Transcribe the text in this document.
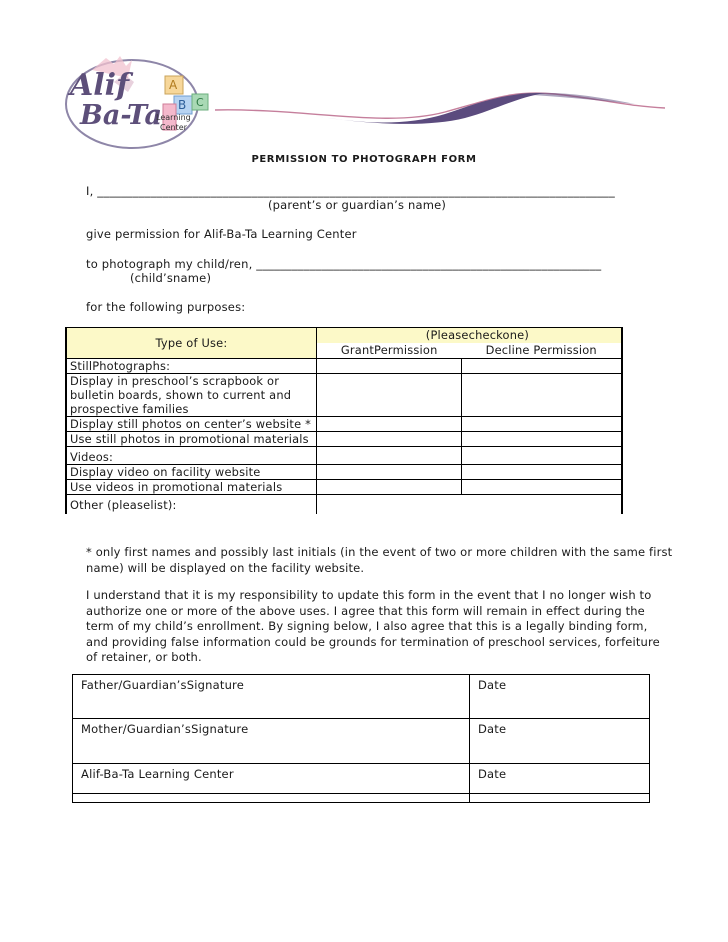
Alif
Ba-Ta
A
B C
Learning
Center
PERMISSION TO PHOTOGRAPH FORM
I, _______________________________________________________________________________________
(parent’s or guardian’s name)
give permission for Alif-Ba-Ta Learning Center
to photograph my child/ren, __________________________________________________________
(child’sname)
for the following purposes:
Type of Use:	(Pleasecheckone)	
	GrantPermission	Decline Permission
StillPhotographs:		
Display in preschool’s scrapbook or		
bulletin boards, shown to current and		
prospective families		
Display still photos on center’s website *		
Use still photos in promotional materials		
Videos:		
Display video on facility website		
Use videos in promotional materials		
Other (pleaselist):		
* only first names and possibly last initials (in the event of two or more children with the same first
name) will be displayed on the facility website.
I understand that it is my responsibility to update this form in the event that I no longer wish to
authorize one or more of the above uses. I agree that this form will remain in effect during the
term of my child’s enrollment. By signing below, I also agree that this is a legally binding form,
and providing false information could be grounds for termination of preschool services, forfeiture
of retainer, or both.
Father/Guardian’sSignature	Date
Mother/Guardian’sSignature	Date
Alif-Ba-Ta Learning Center	Date
